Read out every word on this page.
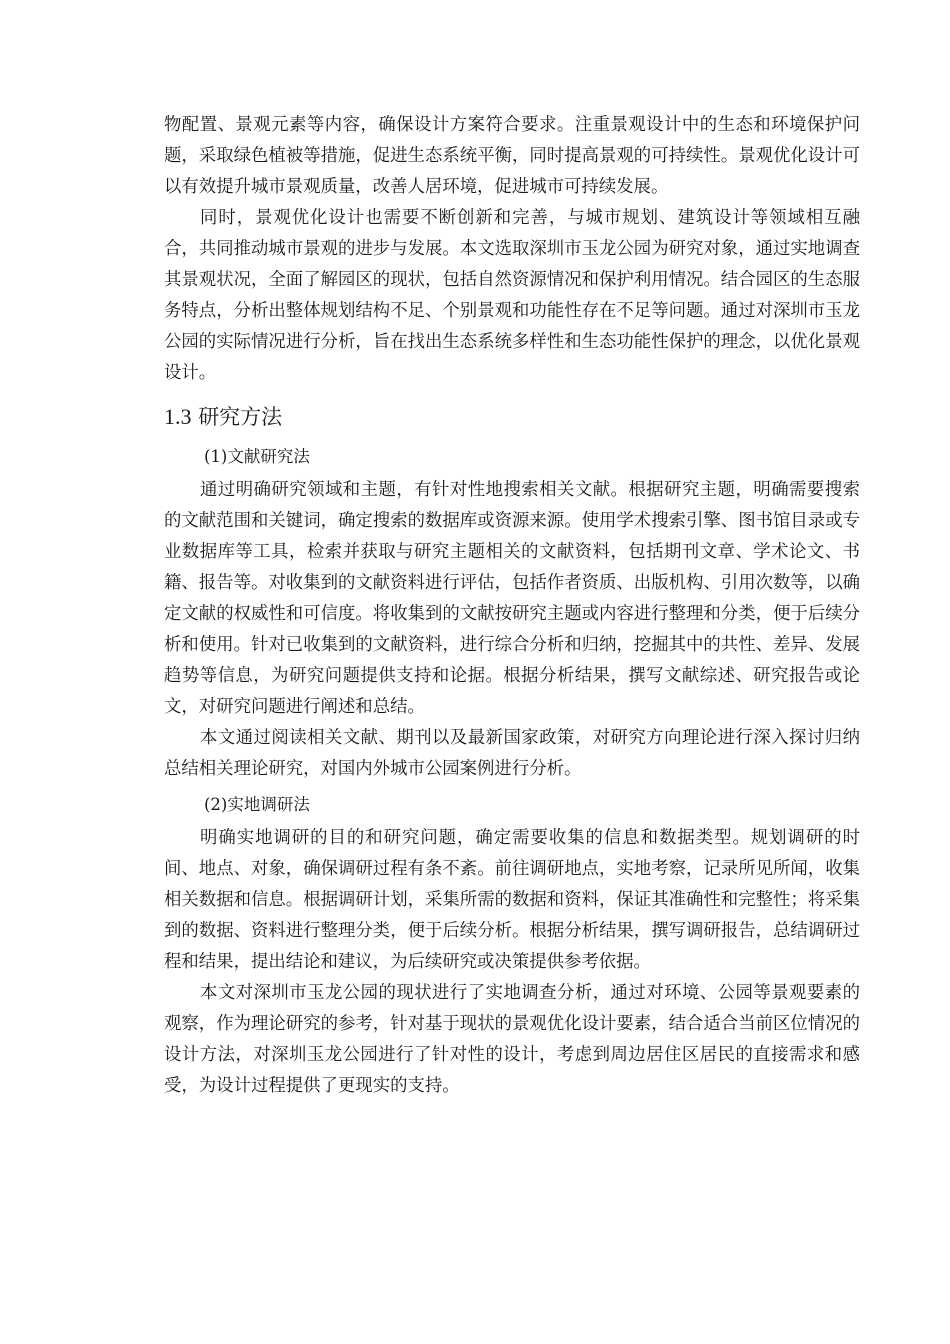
物配置、景观元素等内容，确保设计方案符合要求。注重景观设计中的生态和环境保护问题，采取绿色植被等措施，促进生态系统平衡，同时提高景观的可持续性。景观优化设计可以有效提升城市景观质量，改善人居环境，促进城市可持续发展。

同时，景观优化设计也需要不断创新和完善，与城市规划、建筑设计等领域相互融合，共同推动城市景观的进步与发展。本文选取深圳市玉龙公园为研究对象，通过实地调查其景观状况，全面了解园区的现状，包括自然资源情况和保护利用情况。结合园区的生态服务特点，分析出整体规划结构不足、个别景观和功能性存在不足等问题。通过对深圳市玉龙公园的实际情况进行分析，旨在找出生态系统多样性和生态功能性保护的理念，以优化景观设计。

1.3 研究方法

(1)文献研究法

通过明确研究领域和主题，有针对性地搜索相关文献。根据研究主题，明确需要搜索的文献范围和关键词，确定搜索的数据库或资源来源。使用学术搜索引擎、图书馆目录或专业数据库等工具，检索并获取与研究主题相关的文献资料，包括期刊文章、学术论文、书籍、报告等。对收集到的文献资料进行评估，包括作者资质、出版机构、引用次数等，以确定文献的权威性和可信度。将收集到的文献按研究主题或内容进行整理和分类，便于后续分析和使用。针对已收集到的文献资料，进行综合分析和归纳，挖掘其中的共性、差异、发展趋势等信息，为研究问题提供支持和论据。根据分析结果，撰写文献综述、研究报告或论文，对研究问题进行阐述和总结。

本文通过阅读相关文献、期刊以及最新国家政策，对研究方向理论进行深入探讨归纳总结相关理论研究，对国内外城市公园案例进行分析。

(2)实地调研法

明确实地调研的目的和研究问题，确定需要收集的信息和数据类型。规划调研的时间、地点、对象，确保调研过程有条不紊。前往调研地点，实地考察，记录所见所闻，收集相关数据和信息。根据调研计划，采集所需的数据和资料，保证其准确性和完整性；将采集到的数据、资料进行整理分类，便于后续分析。根据分析结果，撰写调研报告，总结调研过程和结果，提出结论和建议，为后续研究或决策提供参考依据。

本文对深圳市玉龙公园的现状进行了实地调查分析，通过对环境、公园等景观要素的观察，作为理论研究的参考，针对基于现状的景观优化设计要素，结合适合当前区位情况的设计方法，对深圳玉龙公园进行了针对性的设计，考虑到周边居住区居民的直接需求和感受，为设计过程提供了更现实的支持。
